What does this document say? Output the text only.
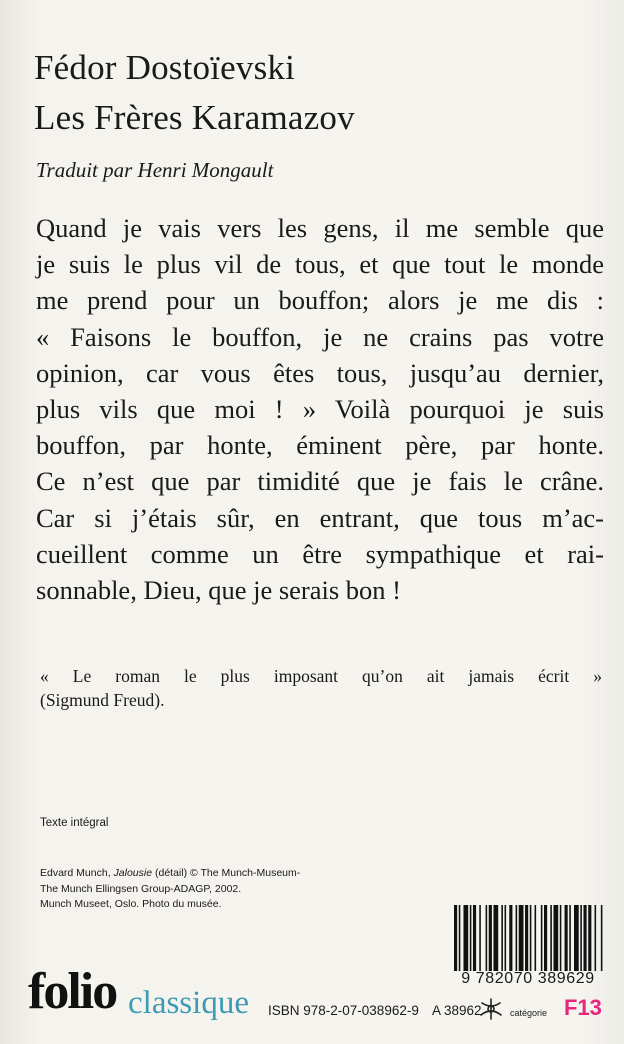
Fédor Dostoïevski
Les Frères Karamazov
Traduit par Henri Mongault
Quand je vais vers les gens, il me semble que
je suis le plus vil de tous, et que tout le monde
me prend pour un bouffon; alors je me dis :
« Faisons le bouffon, je ne crains pas votre
opinion, car vous êtes tous, jusqu’au dernier,
plus vils que moi ! » Voilà pourquoi je suis
bouffon, par honte, éminent père, par honte.
Ce n’est que par timidité que je fais le crâne.
Car si j’étais sûr, en entrant, que tous m’ac-
cueillent comme un être sympathique et rai-
sonnable, Dieu, que je serais bon !
« Le roman le plus imposant qu’on ait jamais écrit »
(Sigmund Freud).
Texte intégral
Edvard Munch, Jalousie (détail) © The Munch-Museum-
The Munch Ellingsen Group-ADAGP, 2002.
Munch Museet, Oslo. Photo du musée.
9 782070 389629
folio classique ISBN 978-2-07-038962-9 A 38962	catégorie F13
